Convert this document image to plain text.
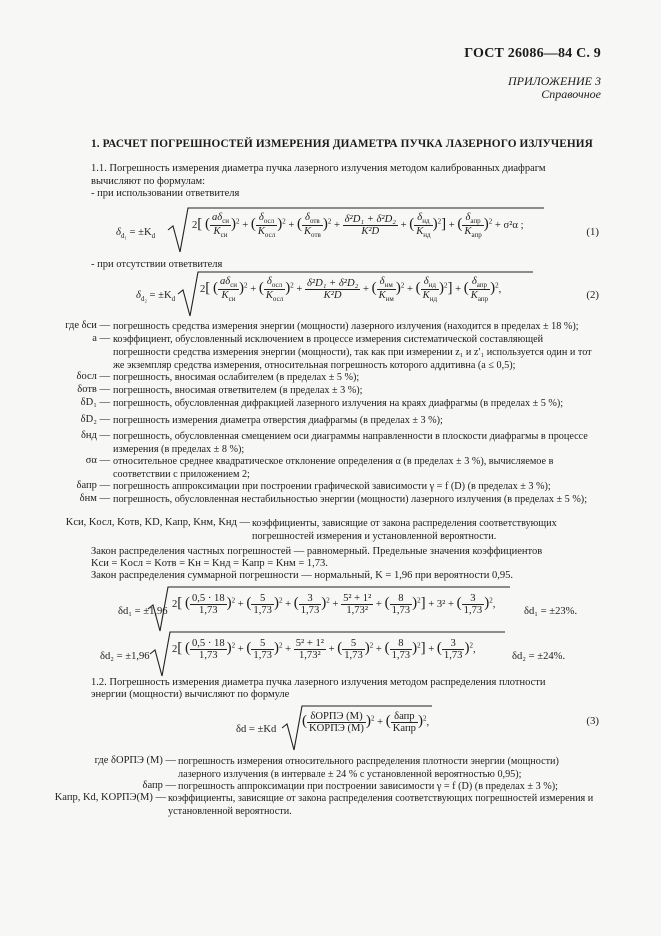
ГОСТ 26086—84 С. 9
ПРИЛОЖЕНИЕ 3
Справочное
1. РАСЧЕТ ПОГРЕШНОСТЕЙ ИЗМЕРЕНИЯ ДИАМЕТРА ПУЧКА ЛАЗЕРНОГО ИЗЛУЧЕНИЯ
1.1. Погрешность измерения диаметра пучка лазерного излучения методом калиброванных диафрагм
вычисляют по формулам:
- при использовании ответвителя
$\delta_{d_1} = \pm K_d$
2[ ( $\frac{a\delta_{си}}{K_{си}} )^2$ + ( $\frac{\delta_{осл}}{K_{осл}} )^2$ + ( $\frac{\delta_{отв}}{K_{отв}} )^2 + \frac{\text{δ²D₁ + δ²D₂}}{\text{K²D}}$ + ( $\frac{\delta_{нд}}{K_{нд}} )^2$] + ( $\frac{\delta_{апр}}{K_{апр}} )^2 + \sigma^2\alpha$ ;
(1)
- при отсутствии ответвителя
$\delta_{d_2} = \pm K_d$
2[ ( $\frac{a\delta_{си}}{K_{си}} )^2$ + ( $\frac{\delta_{осл}}{K_{осл}} )^2 + \frac{\text{δ²D₁ + δ²D₂}}{\text{K²D}}$ + ( $\frac{\delta_{нм}}{K_{нм}} )^2$ + ( $\frac{\delta_{нд}}{K_{нд}} )^2$] + ( $\frac{\delta_{апр}}{K_{апр}} )^2$,	(2)
где δси — погрешность средства измерения энергии (мощности) лазерного излучения (находится в пределах ± 18 %);
a — коэффициент, обусловленный исключением в процессе измерения систематической составляющей погрешности средства измерения энергии (мощности), так как при измерении z₁ и z′₁ используется один и тот же экземпляр средства измерения, относительная погрешность которого аддитивна (a ≤ 0,5);
δосл — погрешность, вносимая ослабителем (в пределах ± 5 %);
δотв — погрешность, вносимая ответвителем (в пределах ± 3 %);
δD₁ — погрешность, обусловленная дифракцией лазерного излучения на краях диафрагмы (в пределах ± 5 %);
δD₂ — погрешность измерения диаметра отверстия диафрагмы (в пределах ± 3 %);
δнд — погрешность, обусловленная смещением оси диаграммы направленности в плоскости диафрагмы в процессе измерения (в пределах ± 8 %);
σα — относительное среднее квадратическое отклонение определения α (в пределах ± 3 %), вычисляемое в соответствии с приложением 2;
δапр — погрешность аппроксимации при построении графической зависимости γ = f (D) (в пределах ± 3 %);
δнм — погрешность, обусловленная нестабильностью энергии (мощности) лазерного излучения (в пределах ± 5 %);
Kси, Kосл, Kотв, KD, Kапр, Kнм, Kнд — коэффициенты, зависящие от закона распределения соответствующих погрешностей измерения и установленной вероятности.
Закон распределения частных погрешностей — равномерный. Предельные значения коэффициентов
Kси = Kосл = Kотв = Kн = Kнд = Kапр = Kнм = 1,73.
Закон распределения суммарной погрешности — нормальный, K = 1,96 при вероятности 0,95.
δd₁ = ±1,96
2[ ( $\frac{0,5 \cdot 18}{1,73} )^2$ + ( $\frac{5}{1,73} )^2$ + ( $\frac{3}{1,73} )^2 + \frac{\text{5² + 1²}}{\text{1,73²}}$ + ( $\frac{8}{1,73} )^2] + 3^2$ + ( $\frac{3}{1,73} )^2$,
δd₁ = ±23%.
δd₂ = ±1,96
2[ ( $\frac{0,5 \cdot 18}{1,73} )^2$ + ( $\frac{5}{1,73} )^2 + \frac{\text{5² + 1²}}{\text{1,73²}}$ + ( $\frac{5}{1,73} )^2$ + ( $\frac{8}{1,73} )^2$] + ( $\frac{3}{1,73} )^2$,
δd₂ = ±24%.
1.2. Погрешность измерения диаметра пучка лазерного излучения методом распределения плотности
энергии (мощности) вычисляют по формуле
δd = ±Kd
( $\frac{\text{δОРПЭ (М)}}{\text{KОРПЭ (М)}} )^2$ + ( $\frac{\text{δапр}}{\text{Kапр}} )^2$,	(3)
где δОРПЭ (М) — погрешность измерения относительного распределения плотности энергии (мощности) лазерного излучения (в интервале ± 24 % с установленной вероятностью 0,95);
δапр — погрешность аппроксимации при построении зависимости γ = f (D) (в пределах ± 3 %);
Kапр, Kd, KОРПЭ(М) — коэффициенты, зависящие от закона распределения соответствующих погрешностей измерения и установленной вероятности.
